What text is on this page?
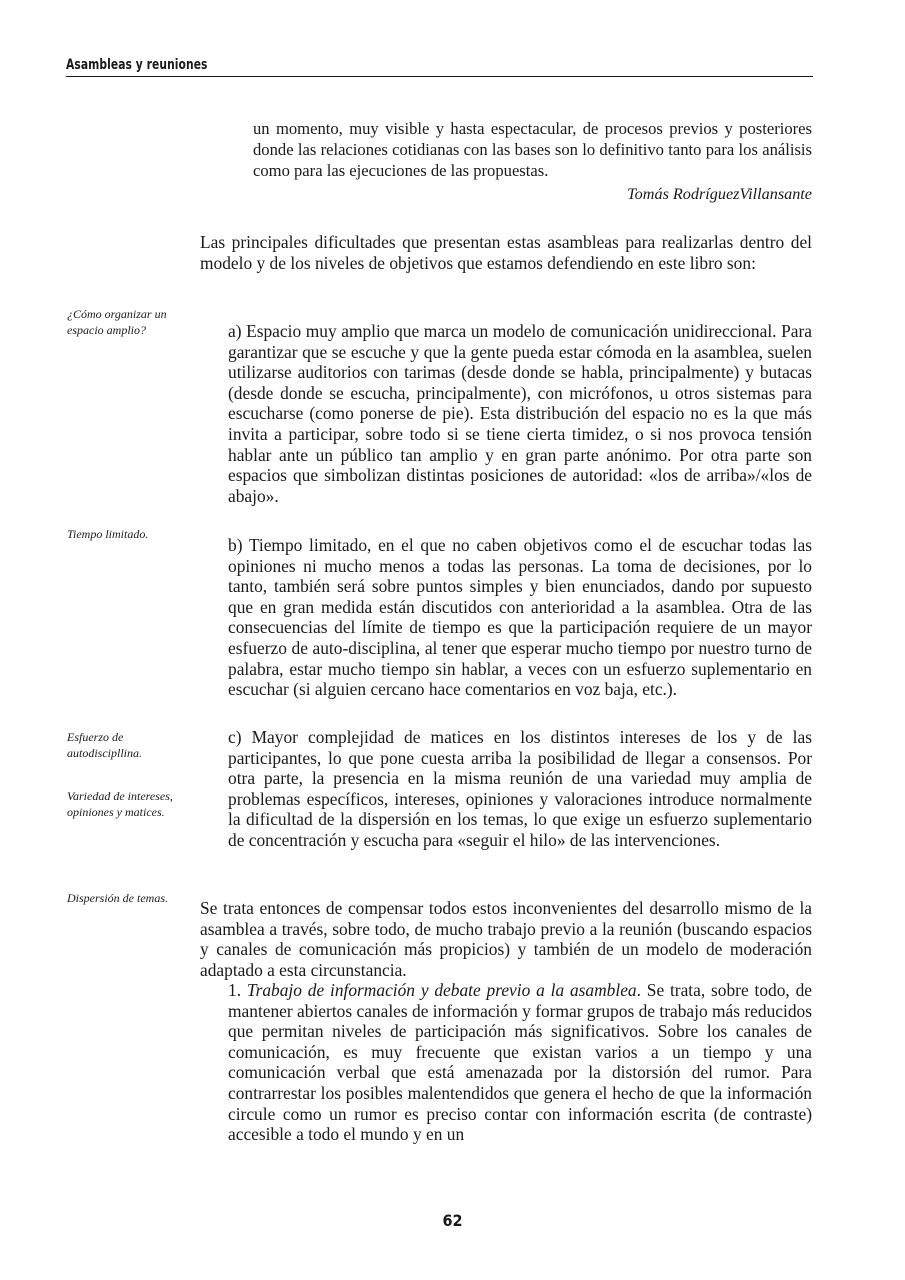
Asambleas y reuniones

un momento, muy visible y hasta espectacular, de procesos previos y posteriores donde las relaciones cotidianas con las bases son lo definitivo tanto para los análisis como para las ejecuciones de las propuestas.

Tomás RodríguezVillansante

Las principales dificultades que presentan estas asambleas para realizarlas dentro del modelo y de los niveles de objetivos que estamos defendiendo en este libro son:

¿Cómo organizar un espacio amplio?	a) Espacio muy amplio que marca un modelo de comunicación unidireccional. Para garantizar que se escuche y que la gente pueda estar cómoda en la asamblea, suelen utilizarse auditorios con tarimas (desde donde se habla, principalmente) y butacas (desde donde se escucha, principalmente), con micrófonos, u otros sistemas para escucharse (como ponerse de pie). Esta distribución del espacio no es la que más invita a participar, sobre todo si se tiene cierta timidez, o si nos provoca tensión hablar ante un público tan amplio y en gran parte anónimo. Por otra parte son espacios que simbolizan distintas posiciones de autoridad: «los de arriba»/«los de abajo».

Tiempo limitado.

b) Tiempo limitado, en el que no caben objetivos como el de escuchar todas las opiniones ni mucho menos a todas las personas. La toma de decisiones, por lo tanto, también será sobre puntos simples y bien enunciados, dando por supuesto que en gran medida están discutidos con anterioridad a la asamblea. Otra de las consecuencias del límite de tiempo es que la participación requiere de un mayor esfuerzo de auto-disciplina, al tener que esperar mucho tiempo por nuestro turno de palabra, estar mucho tiempo sin hablar, a veces con un esfuerzo suplementario en escuchar (si alguien cercano hace comentarios en voz baja, etc.).

Esfuerzo de autodiscipllina.

Variedad de intereses, opiniones y matices.

c) Mayor complejidad de matices en los distintos intereses de los y de las participantes, lo que pone cuesta arriba la posibilidad de llegar a consensos. Por otra parte, la presencia en la misma reunión de una variedad muy amplia de problemas específicos, intereses, opiniones y valoraciones introduce normalmente la dificultad de la dispersión en los temas, lo que exige un esfuerzo suplementario de concentración y escucha para «seguir el hilo» de las intervenciones.

Dispersión de temas.	Se trata entonces de compensar todos estos inconvenientes del desarrollo mismo de la asamblea a través, sobre todo, de mucho trabajo previo a la reunión (buscando espacios y canales de comunicación más propicios) y también de un modelo de moderación adaptado a esta circunstancia.

1. Trabajo de información y debate previo a la asamblea. Se trata, sobre todo, de mantener abiertos canales de información y formar grupos de trabajo más reducidos que permitan niveles de participación más significativos. Sobre los canales de comunicación, es muy frecuente que existan varios a un tiempo y una comunicación verbal que está amenazada por la distorsión del rumor. Para contrarrestar los posibles malentendidos que genera el hecho de que la información circule como un rumor es preciso contar con información escrita (de contraste) accesible a todo el mundo y en un

62
